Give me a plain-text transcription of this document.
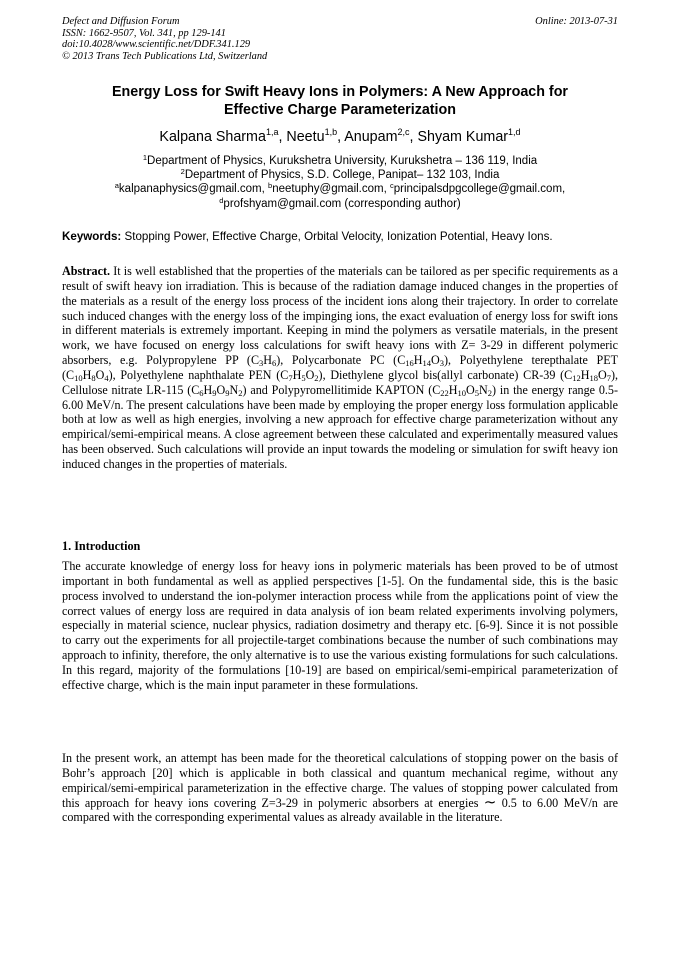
Defect and Diffusion Forum
ISSN: 1662-9507, Vol. 341, pp 129-141
doi:10.4028/www.scientific.net/DDF.341.129
© 2013 Trans Tech Publications Ltd, Switzerland
Online: 2013-07-31
Energy Loss for Swift Heavy Ions in Polymers: A New Approach for
Effective Charge Parameterization
Kalpana Sharma$^{1,a}$, Neetu$^{1,b}$, Anupam$^{2,c}$, Shyam Kumar$^{1,d}$
$^1$Department of Physics, Kurukshetra University, Kurukshetra – 136 119, India
$^2$Department of Physics, S.D. College, Panipat– 132 103, India
$^a$kalpanaphysics@gmail.com, $^b$neetuphy@gmail.com, $^c$principalsdpgcollege@gmail.com,
$^d$profshyam@gmail.com (corresponding author)
Keywords: Stopping Power, Effective Charge, Orbital Velocity, Ionization Potential, Heavy Ions.
Abstract. It is well established that the properties of the materials can be tailored as per specific requirements as a result of swift heavy ion irradiation. This is because of the radiation damage induced changes in the properties of the materials as a result of the energy loss process of the incident ions along their trajectory. In order to correlate such induced changes with the energy loss of the impinging ions, the exact evaluation of energy loss for swift ions in different materials is extremely important. Keeping in mind the polymers as versatile materials, in the present work, we have focused on energy loss calculations for swift heavy ions with Z= 3-29 in different polymeric absorbers, e.g. Polypropylene PP $(C_3H_6)$, Polycarbonate PC $(C_{16}H_{14}O_3)$, Polyethylene terepthalate PET $(C_{10}H_8O_4)$, Polyethylene naphthalate PEN $(C_7H_5O_2)$, Diethylene glycol bis(allyl carbonate) CR-39 $(C_{12}H_{18}O_7)$, Cellulose nitrate LR-115 $(C_6H_9O_9N_2)$ and Polypyromellitimide KAPTON $(C_{22}H_{10}O_5N_2)$ in the energy range 0.5-6.00 MeV/n. The present calculations have been made by employing the proper energy loss formulation applicable both at low as well as high energies, involving a new approach for effective charge parameterization without any empirical/semi-empirical means. A close agreement between these calculated and experimentally measured values has been observed. Such calculations will provide an input towards the modeling or simulation for swift heavy ion induced changes in the properties of materials.
1. Introduction
The accurate knowledge of energy loss for heavy ions in polymeric materials has been proved to be of utmost important in both fundamental as well as applied perspectives [1-5]. On the fundamental side, this is the basic process involved to understand the ion-polymer interaction process while from the applications point of view the correct values of energy loss are required in data analysis of ion beam related experiments involving polymers, especially in material science, nuclear physics, radiation dosimetry and therapy etc. [6-9]. Since it is not possible to carry out the experiments for all projectile-target combinations because the number of such combinations may approach to infinity, therefore, the only alternative is to use the various existing formulations for such calculations. In this regard, majority of the formulations [10-19] are based on empirical/semi-empirical parameterization of effective charge, which is the main input parameter in these formulations.
In the present work, an attempt has been made for the theoretical calculations of stopping power on the basis of Bohr’s approach [20] which is applicable in both classical and quantum mechanical regime, without any empirical/semi-empirical parameterization in the effective charge. The values of stopping power calculated from this approach for heavy ions covering Z=3-29 in polymeric absorbers at energies ∼ 0.5 to 6.00 MeV/n are compared with the corresponding experimental values as already available in the literature.
